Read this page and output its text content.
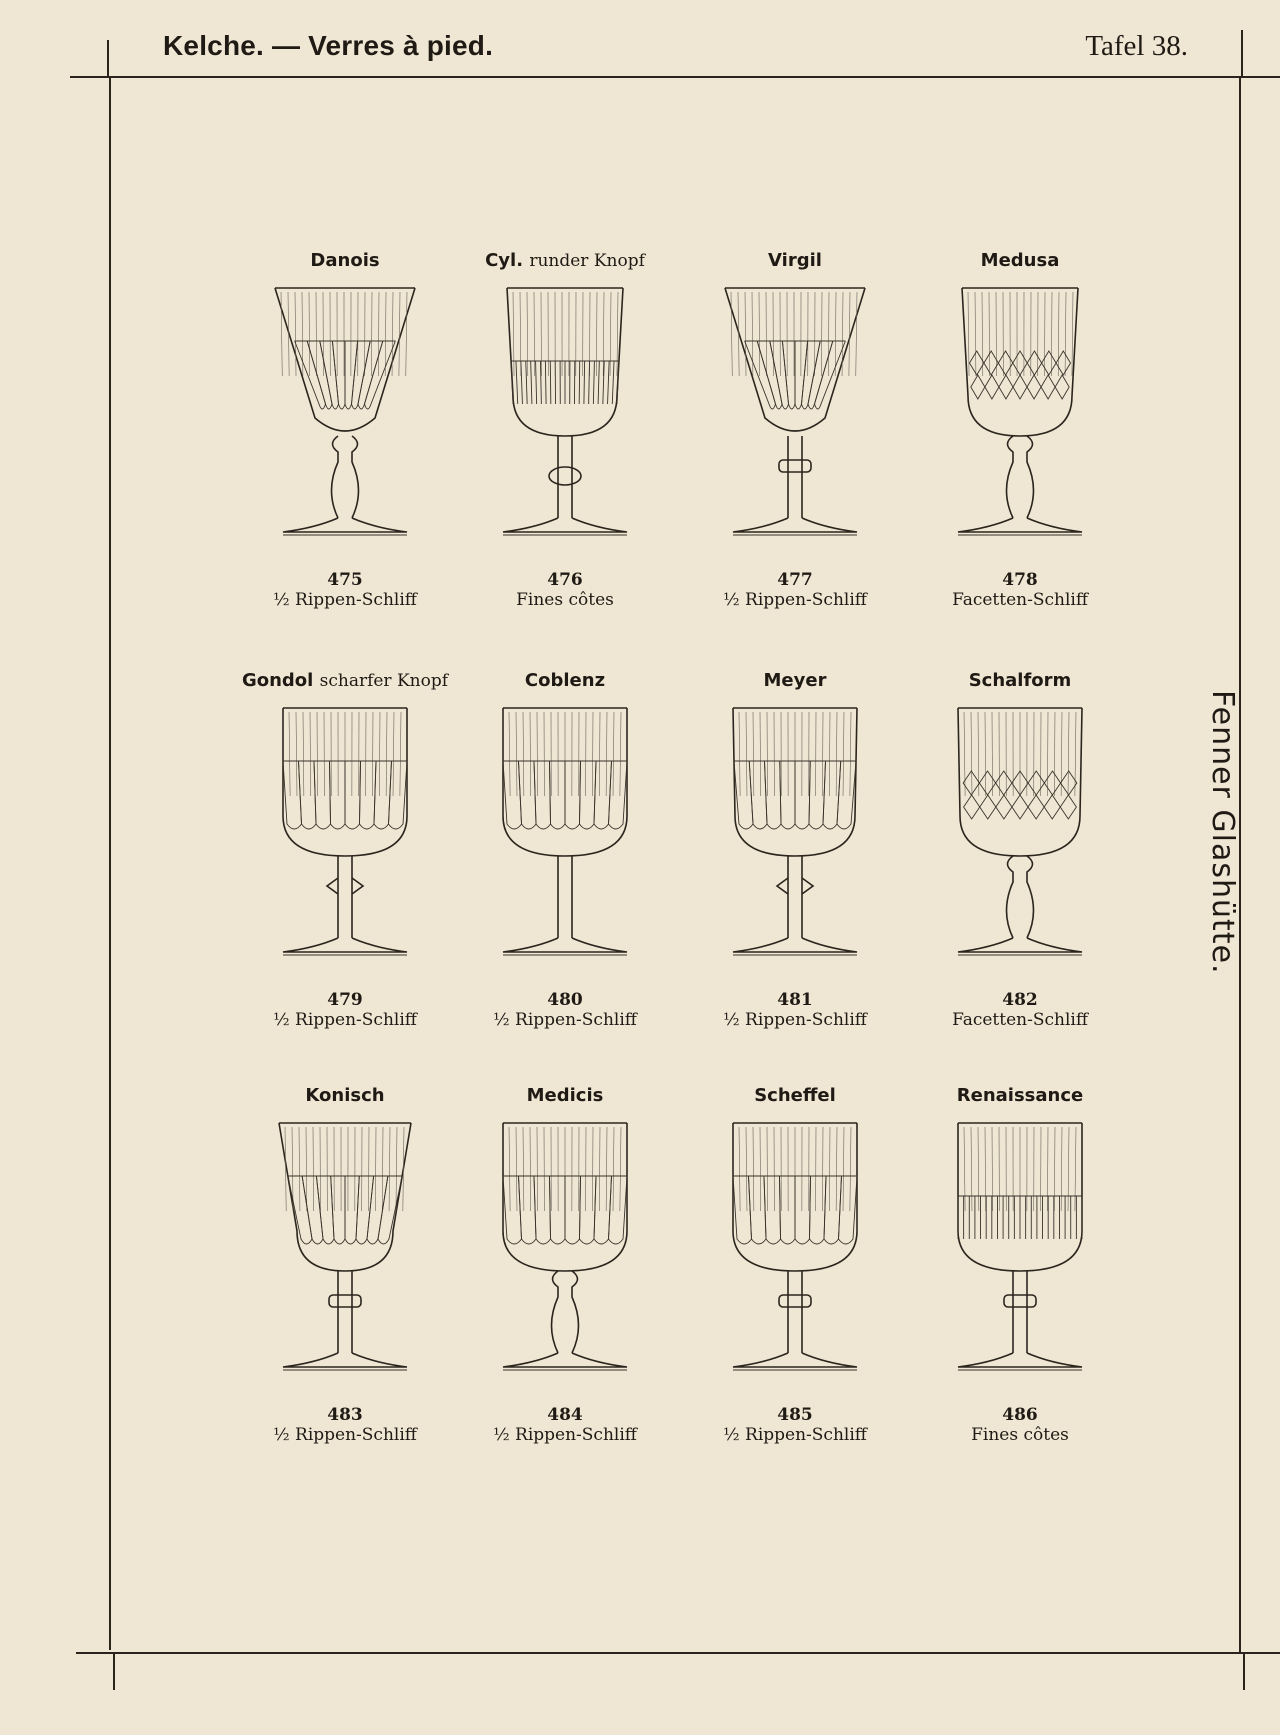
Kelche. — Verres à pied.	Tafel 38.
Fenner Glashütte.
Danois
475
½ Rippen-Schliff
Cyl. runder Knopf
476
Fines côtes
Virgil
477
½ Rippen-Schliff
Medusa
478
Facetten-Schliff
Gondol scharfer Knopf
479
½ Rippen-Schliff
Coblenz
480
½ Rippen-Schliff
Meyer
481
½ Rippen-Schliff
Schalform
482
Facetten-Schliff
Konisch
483
½ Rippen-Schliff
Medicis
484
½ Rippen-Schliff
Scheffel
485
½ Rippen-Schliff
Renaissance
486
Fines côtes
